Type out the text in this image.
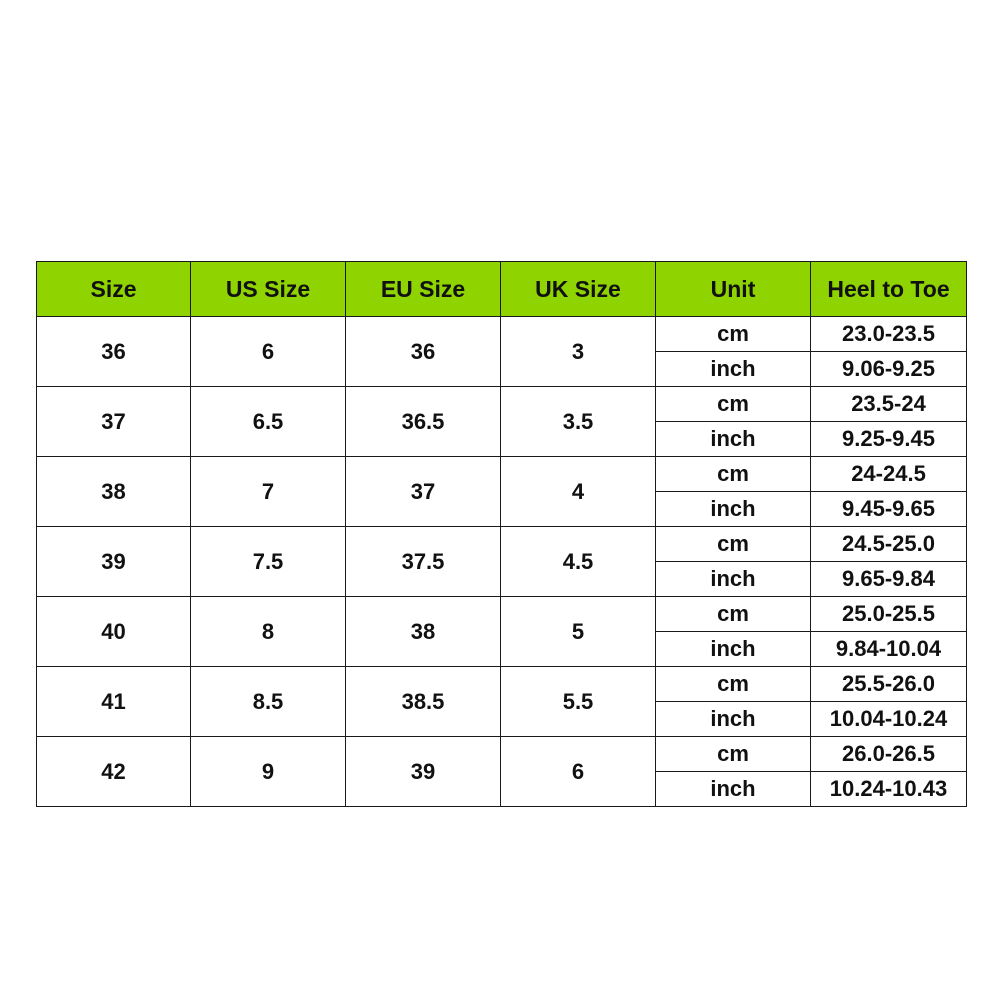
Size	US Size	EU Size	UK Size	Unit	Heel to Toe
36	6	36	3	cm	23.0-23.5
				inch	9.06-9.25
37	6.5	36.5	3.5	cm	23.5-24
				inch	9.25-9.45
38	7	37	4	cm	24-24.5
				inch	9.45-9.65
39	7.5	37.5	4.5	cm	24.5-25.0
				inch	9.65-9.84
40	8	38	5	cm	25.0-25.5
				inch	9.84-10.04
41	8.5	38.5	5.5	cm	25.5-26.0
				inch	10.04-10.24
42	9	39	6	cm	26.0-26.5
				inch	10.24-10.43
